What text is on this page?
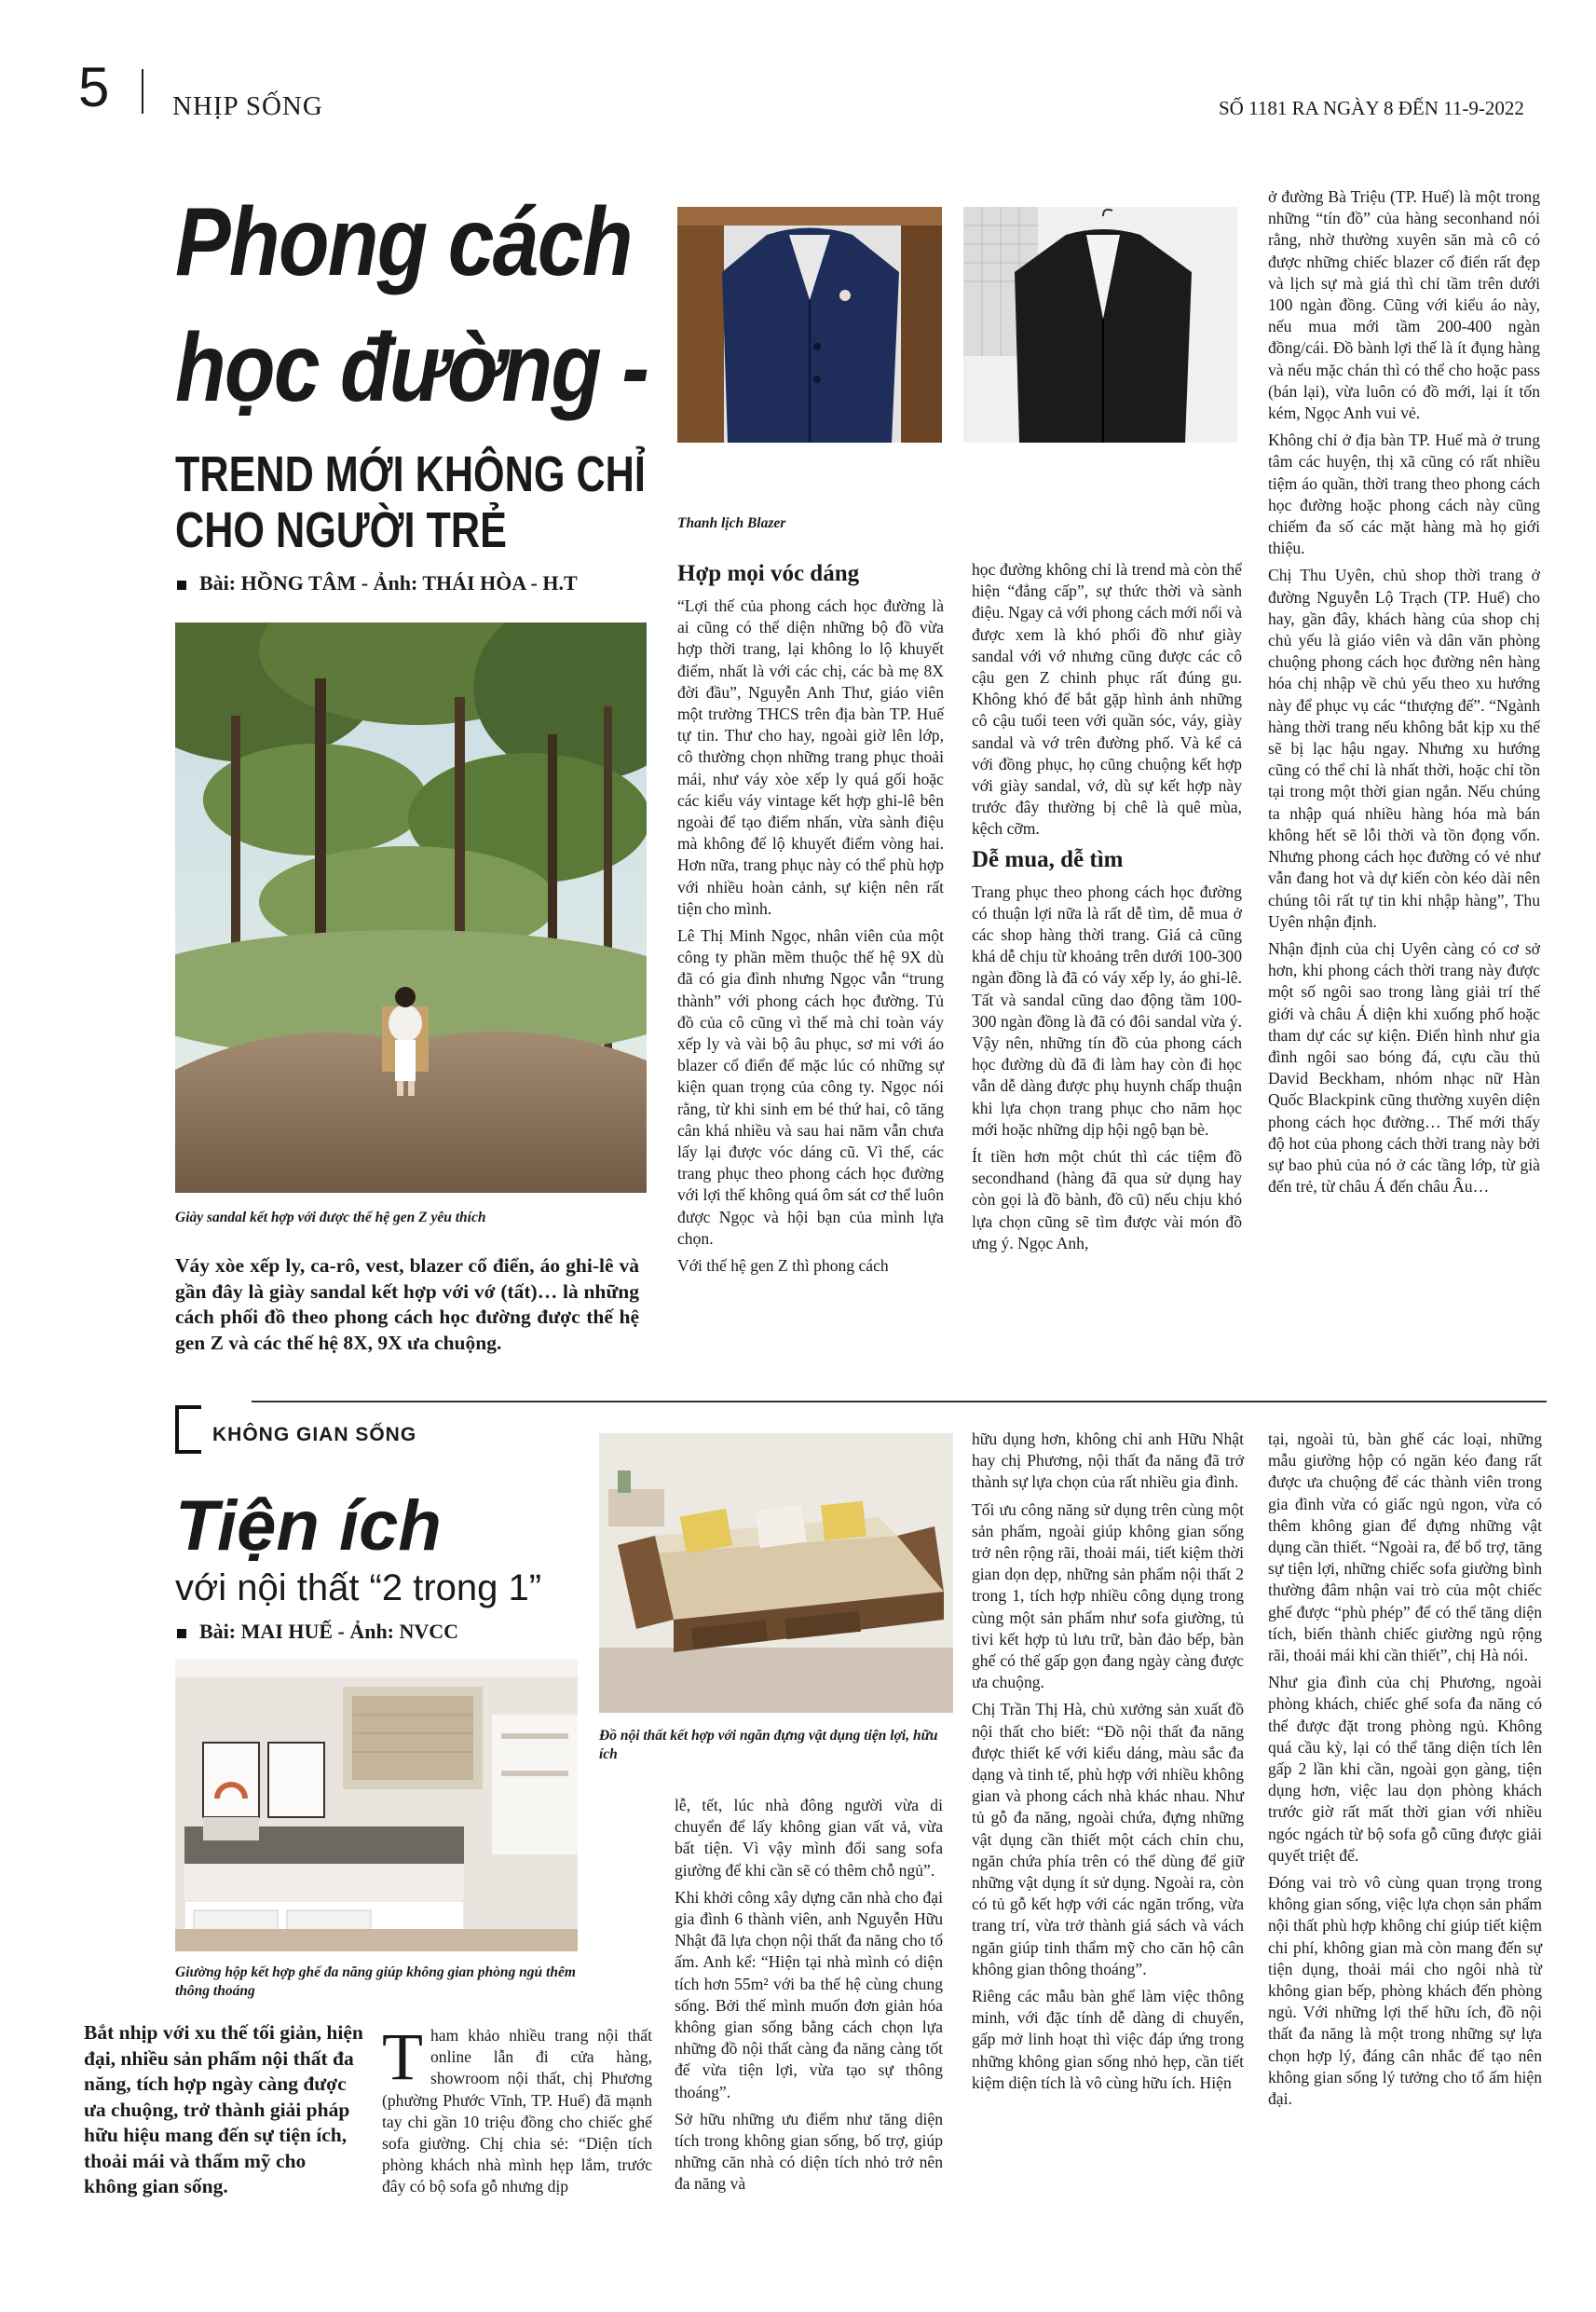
5 NHỊP SỐNG	SỐ 1181 RA NGÀY 8 ĐẾN 11-9-2022
Phong cách
học đường -
TREND MỚI KHÔNG CHỈ
CHO NGƯỜI TRẺ
Bài: HỒNG TÂM - Ảnh: THÁI HÒA - H.T
Giày sandal kết hợp với được thế hệ gen Z yêu thích
Váy xòe xếp ly, ca-rô, vest, blazer cổ điển, áo ghi-lê và gần đây là giày sandal kết hợp với vớ (tất)… là những cách phối đồ theo phong cách học đường được thế hệ gen Z và các thế hệ 8X, 9X ưa chuộng.
Thanh lịch Blazer
Hợp mọi vóc dáng

“Lợi thế của phong cách học đường là ai cũng có thể diện những bộ đồ vừa hợp thời trang, lại không lo lộ khuyết điểm, nhất là với các chị, các bà mẹ 8X đời đầu”, Nguyễn Anh Thư, giáo viên một trường THCS trên địa bàn TP. Huế tự tin. Thư cho hay, ngoài giờ lên lớp, cô thường chọn những trang phục thoải mái, như váy xòe xếp ly quá gối hoặc các kiểu váy vintage kết hợp ghi-lê bên ngoài để tạo điểm nhấn, vừa sành điệu mà không để lộ khuyết điểm vòng hai. Hơn nữa, trang phục này có thể phù hợp với nhiều hoàn cảnh, sự kiện nên rất tiện cho mình.

Lê Thị Minh Ngọc, nhân viên của một công ty phần mềm thuộc thế hệ 9X dù đã có gia đình nhưng Ngọc vẫn “trung thành” với phong cách học đường. Tủ đồ của cô cũng vì thế mà chỉ toàn váy xếp ly và vài bộ âu phục, sơ mi với áo blazer cổ điển để mặc lúc có những sự kiện quan trọng của công ty. Ngọc nói rằng, từ khi sinh em bé thứ hai, cô tăng cân khá nhiều và sau hai năm vẫn chưa lấy lại được vóc dáng cũ. Vì thế, các trang phục theo phong cách học đường với lợi thế không quá ôm sát cơ thể luôn được Ngọc và hội bạn của mình lựa chọn.

Với thế hệ gen Z thì phong cách

học đường không chỉ là trend mà còn thể hiện “đẳng cấp”, sự thức thời và sành điệu. Ngay cả với phong cách mới nổi và được xem là khó phối đồ như giày sandal với vớ nhưng cũng được các cô cậu gen Z chinh phục rất đúng gu. Không khó để bắt gặp hình ảnh những cô cậu tuổi teen với quần sóc, váy, giày sandal và vớ trên đường phố. Và kể cả với đồng phục, họ cũng chuộng kết hợp với giày sandal, vớ, dù sự kết hợp này trước đây thường bị chê là quê mùa, kệch cỡm.

Dễ mua, dễ tìm

Trang phục theo phong cách học đường có thuận lợi nữa là rất dễ tìm, dễ mua ở các shop hàng thời trang. Giá cả cũng khá dễ chịu từ khoảng trên dưới 100-300 ngàn đồng là đã có váy xếp ly, áo ghi-lê. Tất và sandal cũng dao động tầm 100-300 ngàn đồng là đã có đôi sandal vừa ý. Vậy nên, những tín đồ của phong cách học đường dù đã đi làm hay còn đi học vẫn dễ dàng được phụ huynh chấp thuận khi lựa chọn trang phục cho năm học mới hoặc những dịp hội ngộ bạn bè.

Ít tiền hơn một chút thì các tiệm đồ secondhand (hàng đã qua sử dụng hay còn gọi là đồ bành, đồ cũ) nếu chịu khó lựa chọn cũng sẽ tìm được vài món đồ ưng ý. Ngọc Anh,

ở đường Bà Triệu (TP. Huế) là một trong những “tín đồ” của hàng seconhand nói rằng, nhờ thường xuyên săn mà cô có được những chiếc blazer cổ điển rất đẹp và lịch sự mà giá thì chỉ tầm trên dưới 100 ngàn đồng. Cũng với kiểu áo này, nếu mua mới tầm 200-400 ngàn đồng/cái. Đồ bành lợi thế là ít đụng hàng và nếu mặc chán thì có thể cho hoặc pass (bán lại), vừa luôn có đồ mới, lại ít tốn kém, Ngọc Anh vui vẻ.

Không chỉ ở địa bàn TP. Huế mà ở trung tâm các huyện, thị xã cũng có rất nhiều tiệm áo quần, thời trang theo phong cách học đường hoặc phong cách này cũng chiếm đa số các mặt hàng mà họ giới thiệu.

Chị Thu Uyên, chủ shop thời trang ở đường Nguyễn Lộ Trạch (TP. Huế) cho hay, gần đây, khách hàng của shop chị chủ yếu là giáo viên và dân văn phòng chuộng phong cách học đường nên hàng hóa chị nhập về chủ yếu theo xu hướng này để phục vụ các “thượng đế”. “Ngành hàng thời trang nếu không bắt kịp xu thế sẽ bị lạc hậu ngay. Nhưng xu hướng cũng có thể chỉ là nhất thời, hoặc chỉ tồn tại trong một thời gian ngắn. Nếu chúng ta nhập quá nhiều hàng hóa mà bán không hết sẽ lỗi thời và tồn đọng vốn. Nhưng phong cách học đường có vẻ như vẫn đang hot và dự kiến còn kéo dài nên chúng tôi rất tự tin khi nhập hàng”, Thu Uyên nhận định.

Nhận định của chị Uyên càng có cơ sở hơn, khi phong cách thời trang này được một số ngôi sao trong làng giải trí thế giới và châu Á diện khi xuống phố hoặc tham dự các sự kiện. Điển hình như gia đình ngôi sao bóng đá, cựu cầu thủ David Beckham, nhóm nhạc nữ Hàn Quốc Blackpink cũng thường xuyên diện phong cách học đường… Thế mới thấy độ hot của phong cách thời trang này bởi sự bao phủ của nó ở các tầng lớp, từ già đến trẻ, từ châu Á đến châu Âu…

KHÔNG GIAN SỐNG
Tiện ích
với nội thất “2 trong 1”
Bài: MAI HUẾ - Ảnh: NVCC
Giường hộp kết hợp ghế đa năng giúp không gian phòng ngủ thêm thông thoáng
Đồ nội thất kết hợp với ngăn đựng vật dụng tiện lợi, hữu ích
Bắt nhịp với xu thế tối giản, hiện đại, nhiều sản phẩm nội thất đa năng, tích hợp ngày càng được ưa chuộng, trở thành giải pháp hữu hiệu mang đến sự tiện ích, thoải mái và thẩm mỹ cho không gian sống.

Tham khảo nhiều trang nội thất online lẫn đi cửa hàng, showroom nội thất, chị Phương (phường Phước Vĩnh, TP. Huế) đã mạnh tay chi gần 10 triệu đồng cho chiếc ghế sofa giường. Chị chia sẻ: “Diện tích phòng khách nhà mình hẹp lắm, trước đây có bộ sofa gỗ nhưng dịp

lễ, tết, lúc nhà đông người vừa di chuyển để lấy không gian vất vả, vừa bất tiện. Vì vậy mình đổi sang sofa giường để khi cần sẽ có thêm chỗ ngủ”.

Khi khởi công xây dựng căn nhà cho đại gia đình 6 thành viên, anh Nguyễn Hữu Nhật đã lựa chọn nội thất đa năng cho tổ ấm. Anh kể: “Hiện tại nhà mình có diện tích hơn 55m² với ba thế hệ cùng chung sống. Bởi thế mình muốn đơn giản hóa không gian sống bằng cách chọn lựa những đồ nội thất càng đa năng càng tốt để vừa tiện lợi, vừa tạo sự thông thoáng”.

Sở hữu những ưu điểm như tăng diện tích trong không gian sống, bố trợ, giúp những căn nhà có diện tích nhỏ trở nên đa năng và

hữu dụng hơn, không chỉ anh Hữu Nhật hay chị Phương, nội thất đa năng đã trở thành sự lựa chọn của rất nhiều gia đình.

Tối ưu công năng sử dụng trên cùng một sản phẩm, ngoài giúp không gian sống trở nên rộng rãi, thoải mái, tiết kiệm thời gian dọn dẹp, những sản phẩm nội thất 2 trong 1, tích hợp nhiều công dụng trong cùng một sản phẩm như sofa giường, tủ tivi kết hợp tủ lưu trữ, bàn đảo bếp, bàn ghế có thể gấp gọn đang ngày càng được ưa chuộng.

Chị Trần Thị Hà, chủ xưởng sản xuất đồ nội thất cho biết: “Đồ nội thất đa năng được thiết kế với kiểu dáng, màu sắc đa dạng và tinh tế, phù hợp với nhiều không gian và phong cách nhà khác nhau. Như tủ gỗ đa năng, ngoài chứa, đựng những vật dụng cần thiết một cách chỉn chu, ngăn chứa phía trên có thể dùng để giữ những vật dụng ít sử dụng. Ngoài ra, còn có tủ gỗ kết hợp với các ngăn trống, vừa trang trí, vừa trở thành giá sách và vách ngăn giúp tinh thẩm mỹ cho căn hộ cân không gian thông thoáng”.

Riêng các mẫu bàn ghế làm việc thông minh, với đặc tính dễ dàng di chuyển, gấp mở linh hoạt thì việc đáp ứng trong những không gian sống nhỏ hẹp, cần tiết kiệm diện tích là vô cùng hữu ích. Hiện

tại, ngoài tủ, bàn ghế các loại, những mẫu giường hộp có ngăn kéo đang rất được ưa chuộng để các thành viên trong gia đình vừa có giấc ngủ ngon, vừa có thêm không gian để đựng những vật dụng cần thiết. “Ngoài ra, để bổ trợ, tăng sự tiện lợi, những chiếc sofa giường bình thường đâm nhận vai trò của một chiếc ghế được “phù phép” để có thể tăng diện tích, biến thành chiếc giường ngủ rộng rãi, thoải mái khi cần thiết”, chị Hà nói.

Như gia đình của chị Phương, ngoài phòng khách, chiếc ghế sofa đa năng có thể được đặt trong phòng ngủ. Không quá cầu kỳ, lại có thể tăng diện tích lên gấp 2 lần khi cần, ngoài gọn gàng, tiện dụng hơn, việc lau dọn phòng khách trước giờ rất mất thời gian với nhiều ngóc ngách từ bộ sofa gỗ cũng được giải quyết triệt để.

Đóng vai trò vô cùng quan trọng trong không gian sống, việc lựa chọn sản phẩm nội thất phù hợp không chỉ giúp tiết kiệm chi phí, không gian mà còn mang đến sự tiện dụng, thoải mái cho ngôi nhà từ không gian bếp, phòng khách đến phòng ngủ. Với những lợi thế hữu ích, đồ nội thất đa năng là một trong những sự lựa chọn hợp lý, đáng cân nhắc để tạo nên không gian sống lý tưởng cho tổ ấm hiện đại.
